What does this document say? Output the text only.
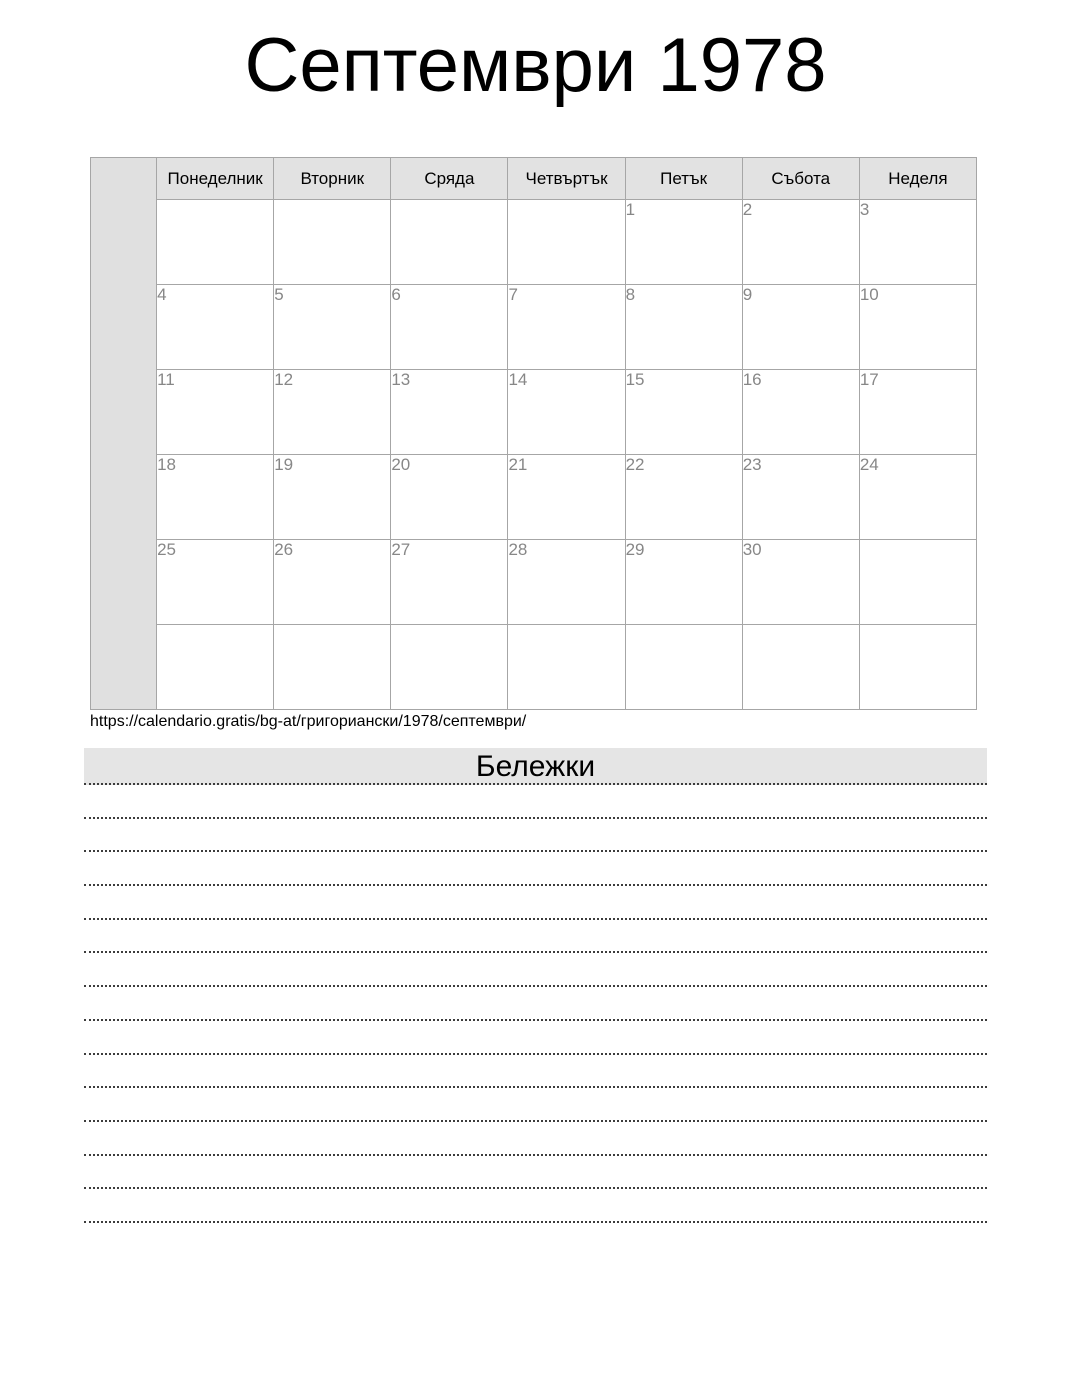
Септември 1978
	Понеделник	Вторник	Сряда	Четвъртък	Петък	Събота	Неделя
					1	2	3
	4	5	6	7	8	9	10
	11	12	13	14	15	16	17
	18	19	20	21	22	23	24
	25	26	27	28	29	30	

https://calendario.gratis/bg-at/григориански/1978/септември/
Бележки
